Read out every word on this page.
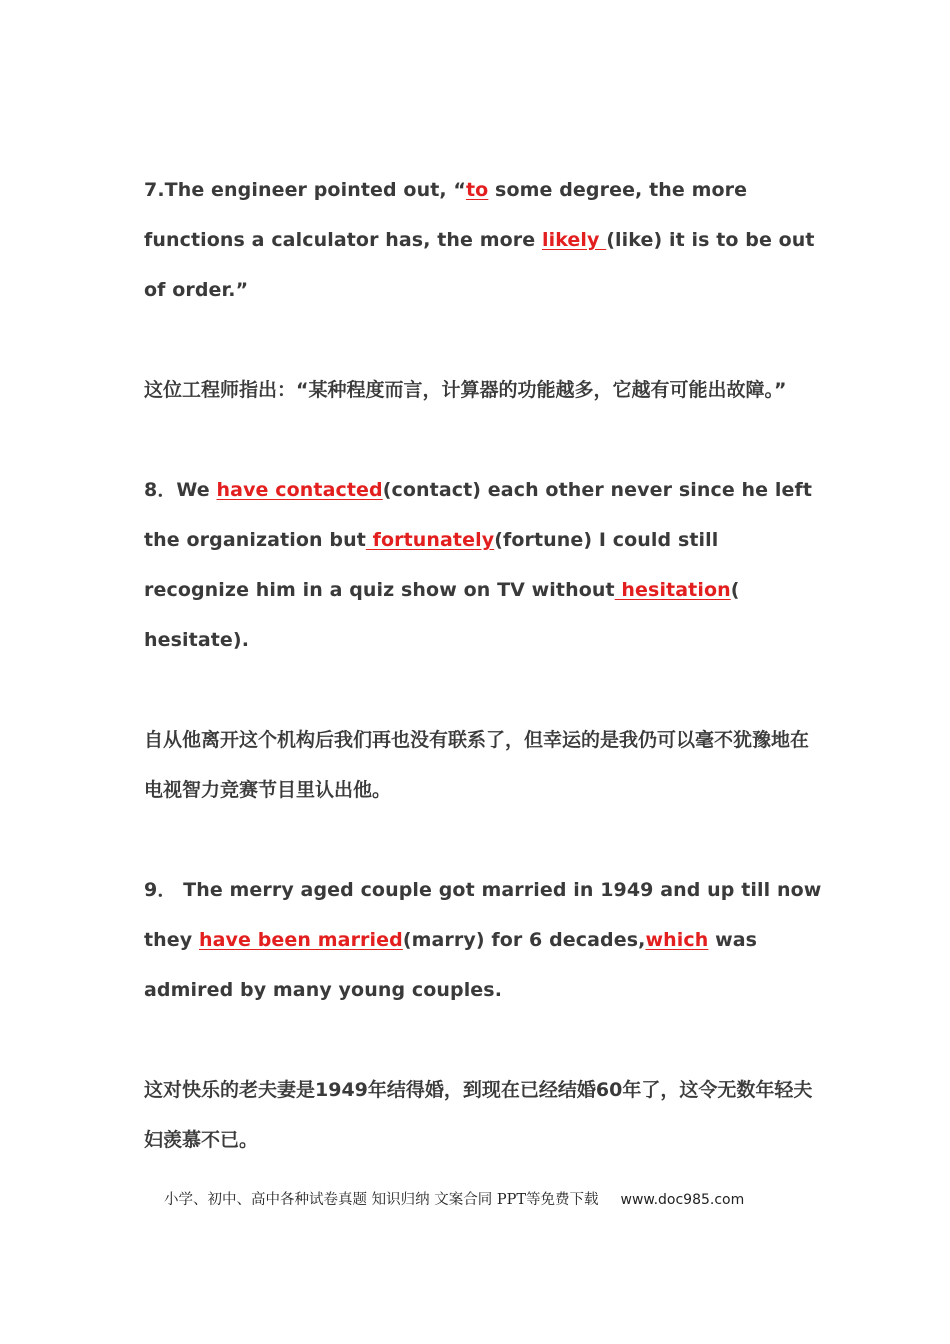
7.The engineer pointed out, “to some degree, the more functions a calculator has, the more likely (like) it is to be out of order.”

这位工程师指出：“某种程度而言，计算器的功能越多，它越有可能出故障。”

8．We have contacted(contact) each other never since he left the organization but fortunately(fortune) I could still recognize him in a quiz show on TV without hesitation( hesitate).

自从他离开这个机构后我们再也没有联系了，但幸运的是我仍可以毫不犹豫地在电视智力竞赛节目里认出他。

9． The merry aged couple got married in 1949 and up till now they have been married(marry) for 6 decades,which was admired by many young couples.

这对快乐的老夫妻是1949年结得婚，到现在已经结婚60年了，这令无数年轻夫妇羡慕不已。

小学、初中、高中各种试卷真题 知识归纳 文案合同 PPT等免费下载 www.doc985.com
